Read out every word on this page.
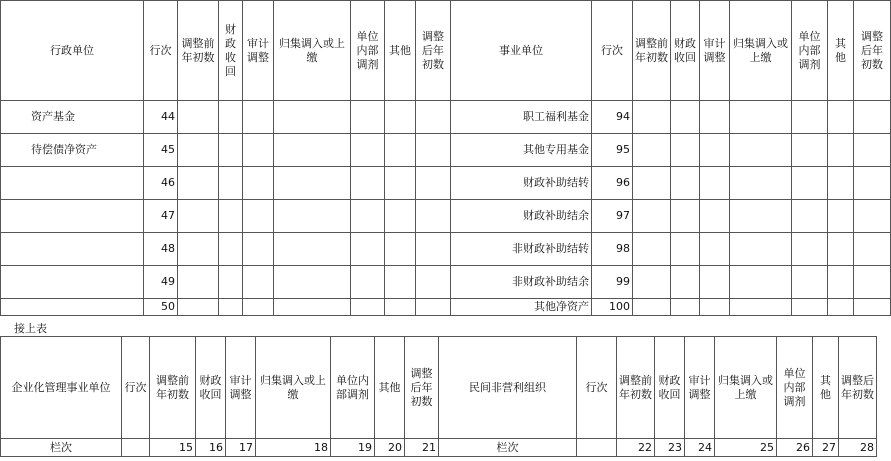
行政单位	行次	调整前年初数	财政收回	审计调整	归集调入或上缴	单位内部调剂	其他	调整后年初数	事业单位	行次	调整前年初数	财政收回	审计调整	归集调入或上缴	单位内部调剂	其他	调整后年初数
资产基金	44								职工福利基金	94							
待偿债净资产	45								其他专用基金	95							
	46								财政补助结转	96							
	47								财政补助结余	97							
	48								非财政补助结转	98							
	49								非财政补助结余	99							
	50								其他净资产	100							
接上表
企业化管理事业单位	行次	调整前年初数	财政收回	审计调整	归集调入或上缴	单位内部调剂	其他	调整后年初数	民间非营利组织	行次	调整前年初数	财政收回	审计调整	归集调入或上缴	单位内部调剂	其他	调整后年初数
栏次		15	16	17	18	19	20	21	栏次		22	23	24	25	26	27	28
